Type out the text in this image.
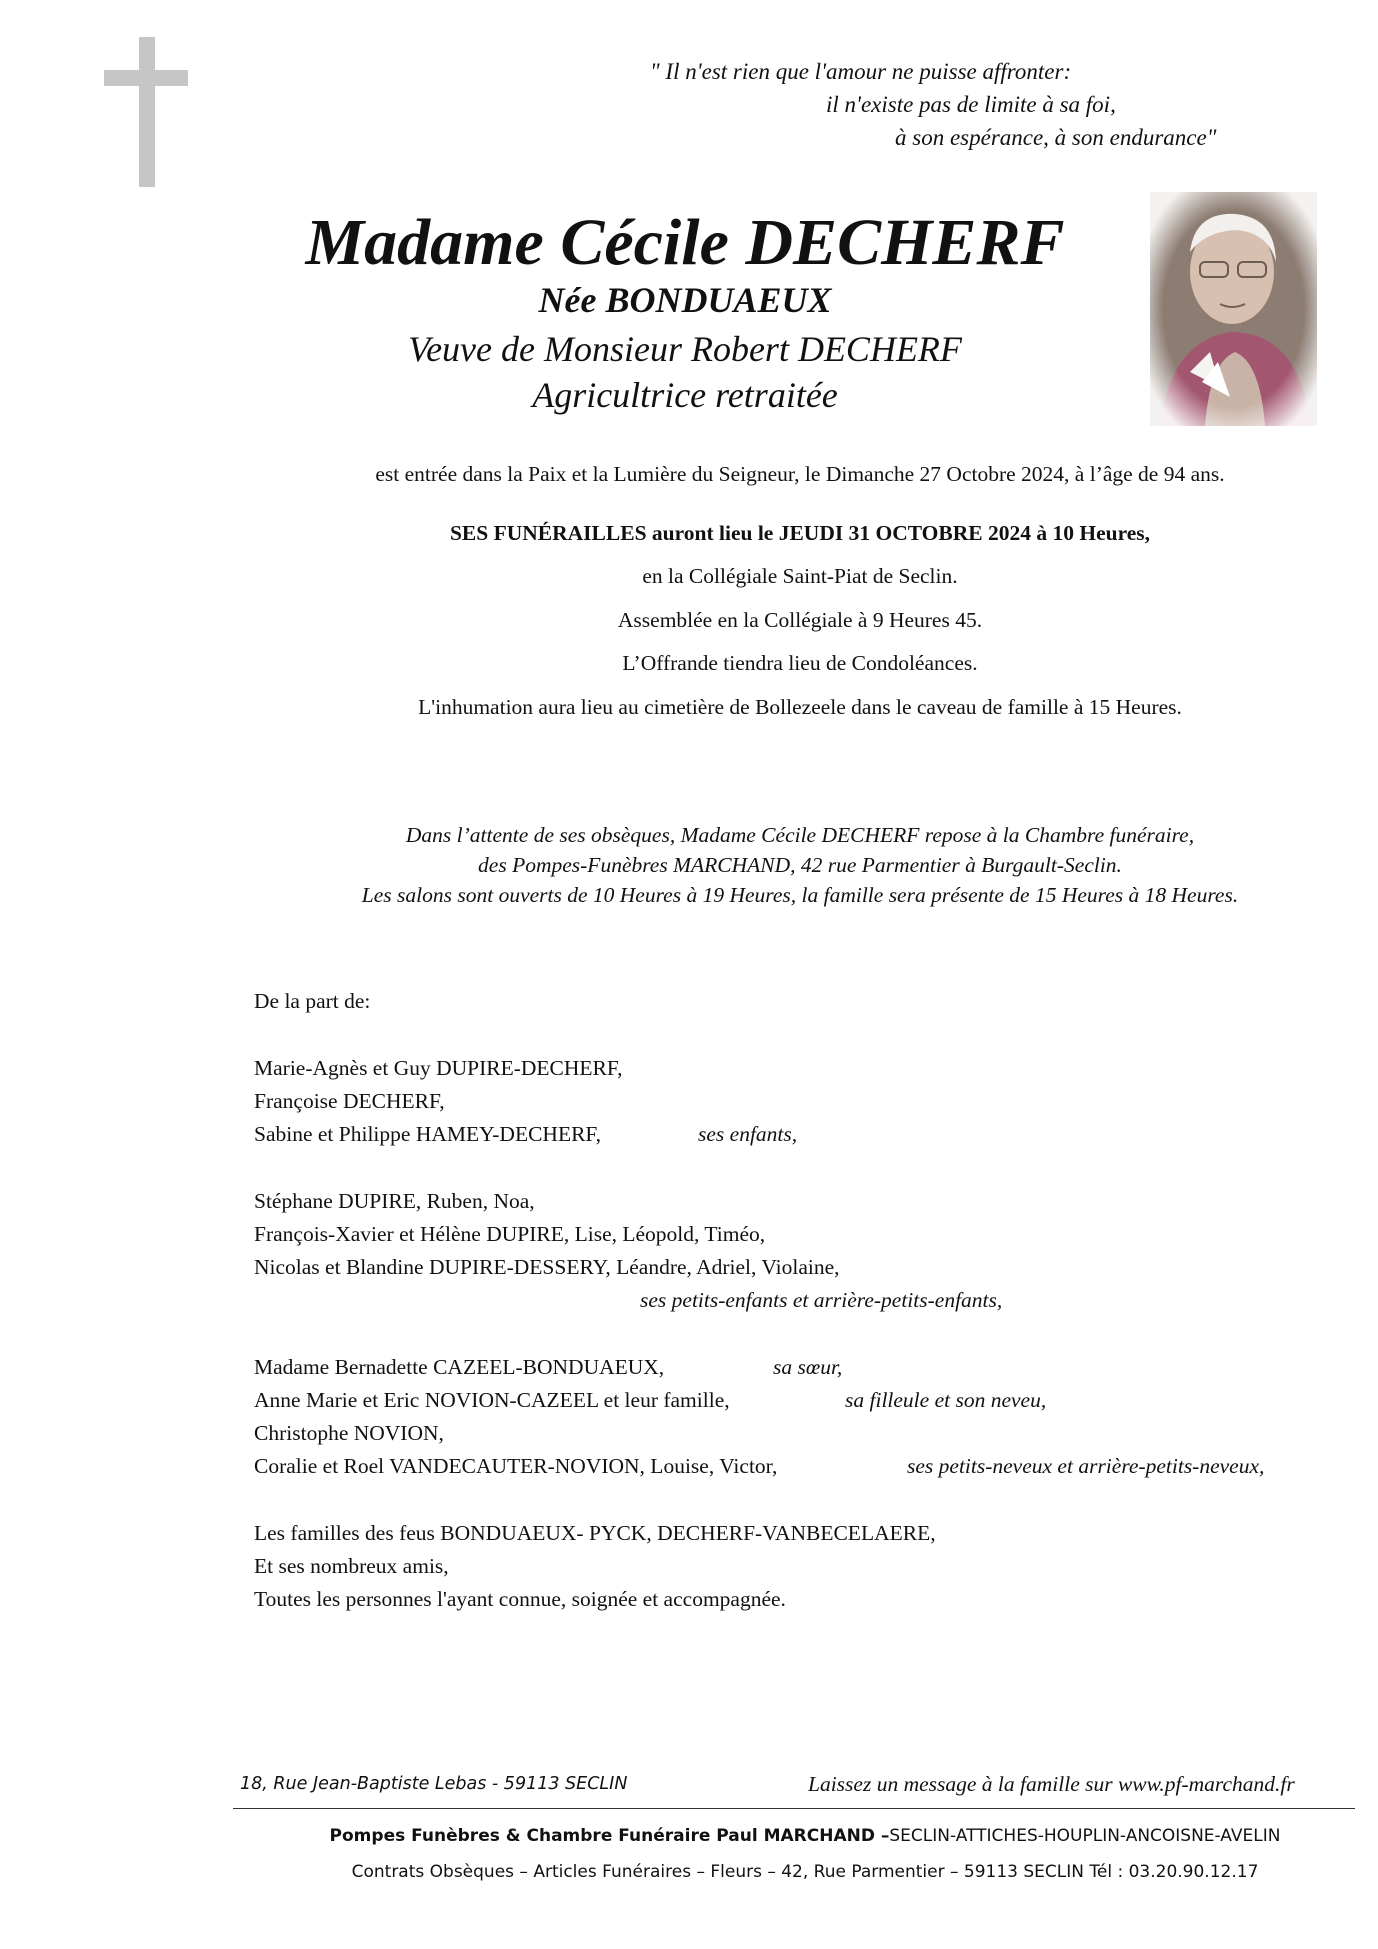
" Il n'est rien que l'amour ne puisse affronter:
il n'existe pas de limite à sa foi,
à son espérance, à son endurance"
Madame Cécile DECHERF
Née BONDUAEUX
Veuve de Monsieur Robert DECHERF
Agricultrice retraitée
est entrée dans la Paix et la Lumière du Seigneur, le Dimanche 27 Octobre 2024, à l’âge de 94 ans.
SES FUNÉRAILLES auront lieu le JEUDI 31 OCTOBRE 2024 à 10 Heures,
en la Collégiale Saint-Piat de Seclin.
Assemblée en la Collégiale à 9 Heures 45.
L’Offrande tiendra lieu de Condoléances.
L'inhumation aura lieu au cimetière de Bollezeele dans le caveau de famille à 15 Heures.
Dans l’attente de ses obsèques, Madame Cécile DECHERF repose à la Chambre funéraire,
des Pompes-Funèbres MARCHAND, 42 rue Parmentier à Burgault-Seclin.
Les salons sont ouverts de 10 Heures à 19 Heures, la famille sera présente de 15 Heures à 18 Heures.
De la part de:
Marie-Agnès et Guy DUPIRE-DECHERF,
Françoise DECHERF,
Sabine et Philippe HAMEY-DECHERF,	ses enfants,
Stéphane DUPIRE, Ruben, Noa,
François-Xavier et Hélène DUPIRE, Lise, Léopold, Timéo,
Nicolas et Blandine DUPIRE-DESSERY, Léandre, Adriel, Violaine,
ses petits-enfants et arrière-petits-enfants,
Madame Bernadette CAZEEL-BONDUAEUX,	sa sœur,
Anne Marie et Eric NOVION-CAZEEL et leur famille,	sa filleule et son neveu,
Christophe NOVION,
Coralie et Roel VANDECAUTER-NOVION, Louise, Victor,	ses petits-neveux et arrière-petits-neveux,
Les familles des feus BONDUAEUX- PYCK, DECHERF-VANBECELAERE,
Et ses nombreux amis,
Toutes les personnes l'ayant connue, soignée et accompagnée.
18, Rue Jean-Baptiste Lebas - 59113 SECLIN	Laissez un message à la famille sur www.pf-marchand.fr
Pompes Funèbres & Chambre Funéraire Paul MARCHAND –SECLIN-ATTICHES-HOUPLIN-ANCOISNE-AVELIN
Contrats Obsèques – Articles Funéraires – Fleurs – 42, Rue Parmentier – 59113 SECLIN Tél : 03.20.90.12.17
